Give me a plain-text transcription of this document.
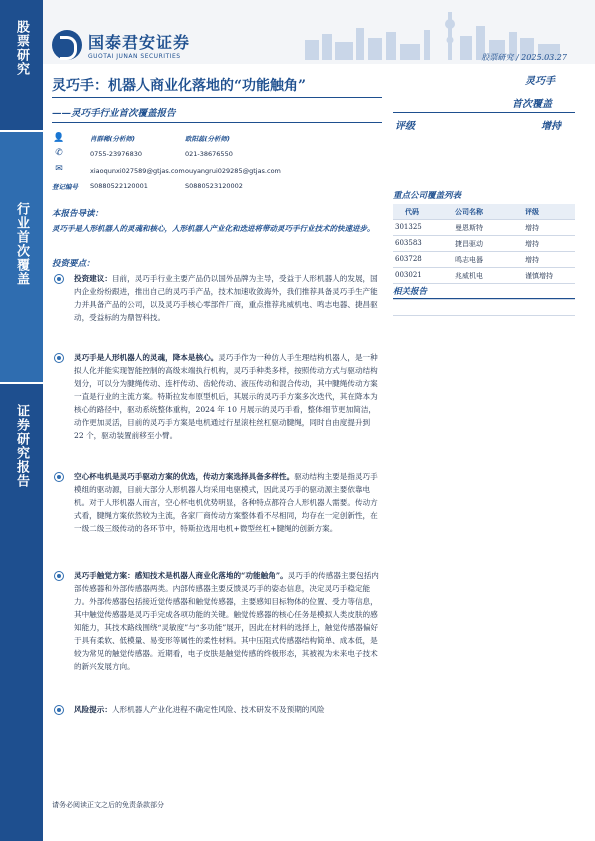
股票研究
行业首次覆盖
证券研究报告
国泰君安证券
GUOTAI JUNAN SECURITIES	股票研究 / 2025.03.27
灵巧手：机器人商业化落地的“功能触角”
——灵巧手行业首次覆盖报告
灵巧手
首次覆盖
评级	增持
👤	肖群稀(分析师)	欧阳蕊(分析师)
✆	0755-23976830	021-38676550
✉	xiaoqunxi027589@gtjas.com ouyangrui029285@gtjas.com
登记编号 S0880522120001	S0880523120002
本报告导读：
灵巧手是人形机器人的灵魂和核心，人形机器人产业化和迭进将带动灵巧手行业技术的快速进步。
投资要点：

投资建议：目前，灵巧手行业主要产品仍以国外品牌为主导，受益于人形机器人的发展，国内企业纷纷跟进，推出自己的灵巧手产品，技术加速收敛海外，我们推荐具备灵巧手生产能力并具备产品的公司，以及灵巧手核心零部件厂商，重点推荐兆威机电、鸣志电器、捷昌驱动，受益标的为鼎智科技。

灵巧手是人形机器人的灵魂，降本是核心。灵巧手作为一种仿人手生理结构机器人，是一种拟人化并能实现智能控制的高级末端执行机构，灵巧手种类多样，按照传动方式与驱动结构划分，可以分为腱绳传动、连杆传动、齿轮传动、液压传动和混合传动，其中腱绳传动方案一直是行业的主流方案。特斯拉发布原型机后，其展示的灵巧手方案多次迭代，其在降本为核心的路径中，驱动系统整体重构，2024 年 10 月展示的灵巧手看，整体细节更加简洁，动作更加灵活，目前的灵巧手方案是电机通过行星滚柱丝杠驱动腱绳，同时自由度提升到 22 个，驱动装置前移至小臂。

空心杯电机是灵巧手驱动方案的优选，传动方案选择具备多样性。驱动结构主要是指灵巧手模组的驱动源，目前大部分人形机器人均采用电驱模式，因此灵巧手的驱动源主要依靠电机。对于人形机器人而言，空心杯电机优势明显，各种特点都符合人形机器人需要。传动方式看，腱绳方案依然较为主流，各家厂商传动方案整体看不尽相同，均存在一定创新性，在一级二级三级传动的各环节中，特斯拉选用电机+微型丝杠+腱绳的创新方案。

灵巧手触觉方案：感知技术是机器人商业化落地的“功能触角”。灵巧手的传感器主要包括内部传感器和外部传感器两类。内部传感器主要反馈灵巧手的姿态信息，决定灵巧手稳定能力。外部传感器包括接近觉传感器和触觉传感器，主要感知目标物体的位置、受力等信息，其中触觉传感器是灵巧手完成各项功能的关键。触觉传感器的核心任务是模拟人类皮肤的感知能力，其技术路线围绕“灵敏度”与“多功能”展开，因此在材料的选择上，触觉传感器偏好于具有柔软、低模量、易变形等属性的柔性材料。其中压阻式传感器结构简单、成本低，是较为常见的触觉传感器。近期看，电子皮肤是触觉传感的终极形态，其被视为未来电子技术的新兴发展方向。

风险提示：人形机器人产业化进程不确定性风险、技术研发不及预期的风险

重点公司覆盖列表
代码	公司名称	评级
301325	曼恩斯特	增持
603583	捷昌驱动	增持
603728	鸣志电器	增持
003021	兆威机电	谨慎增持
相关报告
请务必阅读正文之后的免责条款部分
